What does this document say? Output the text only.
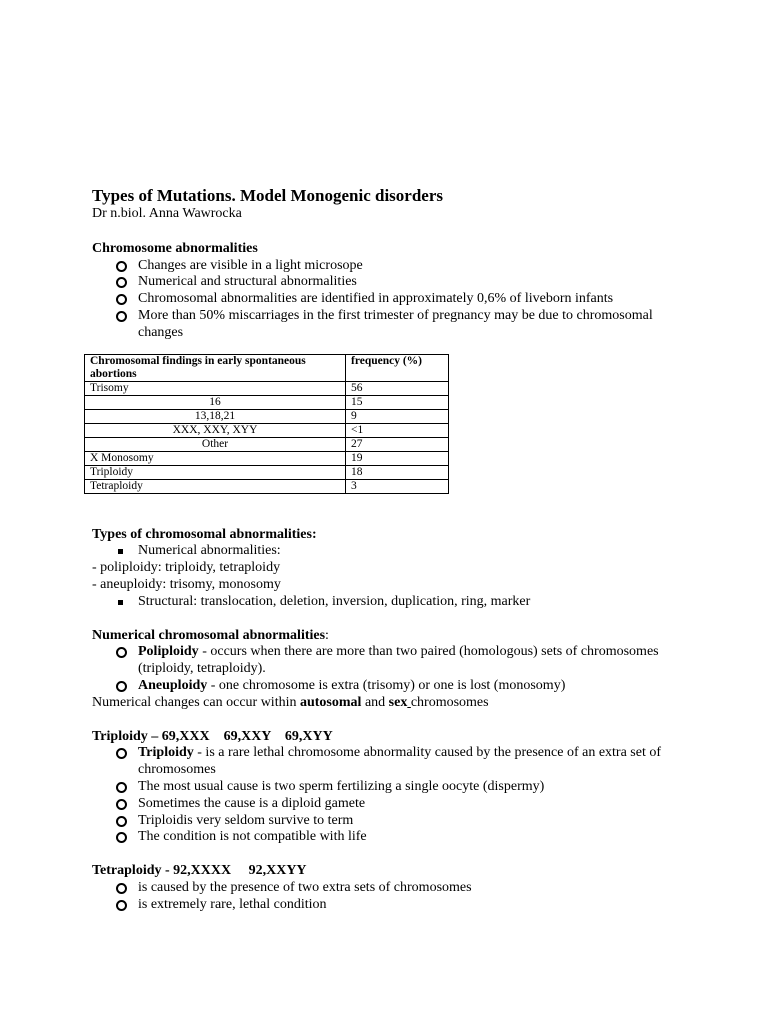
Types of Mutations. Model Monogenic disorders

Dr n.biol. Anna Wawrocka

Chromosome abnormalities

Changes are visible in a light microsope
Numerical and structural abnormalities
Chromosomal abnormalities are identified in approximately 0,6% of liveborn infants
More than 50% miscarriages in the first trimester of pregnancy may be due to chromosomal changes
Chromosomal findings in early spontaneous abortions	frequency (%)
Trisomy	56
16	15
13,18,21	9
XXX, XXY, XYY	<1
Other	27
X Monosomy	19
Triploidy	18
Tetraploidy	3

Types of chromosomal abnormalities:

Numerical abnormalities:

- poliploidy: triploidy, tetraploidy

- aneuploidy: trisomy, monosomy

Structural: translocation, deletion, inversion, duplication, ring, marker

Numerical chromosomal abnormalities:

Poliploidy - occurs when there are more than two paired (homologous) sets of chromosomes (triploidy, tetraploidy).
Aneuploidy - one chromosome is extra (trisomy) or one is lost (monosomy)

Numerical changes can occur within autosomal and sex chromosomes

Triploidy – 69,XXX    69,XXY    69,XYY

Triploidy - is a rare lethal chromosome abnormality caused by the presence of an extra set of chromosomes
The most usual cause is two sperm fertilizing a single oocyte (dispermy)
Sometimes the cause is a diploid gamete
Triploidis very seldom survive to term
The condition is not compatible with life

Tetraploidy - 92,XXXX     92,XXYY

is caused by the presence of two extra sets of chromosomes
is extremely rare, lethal condition
